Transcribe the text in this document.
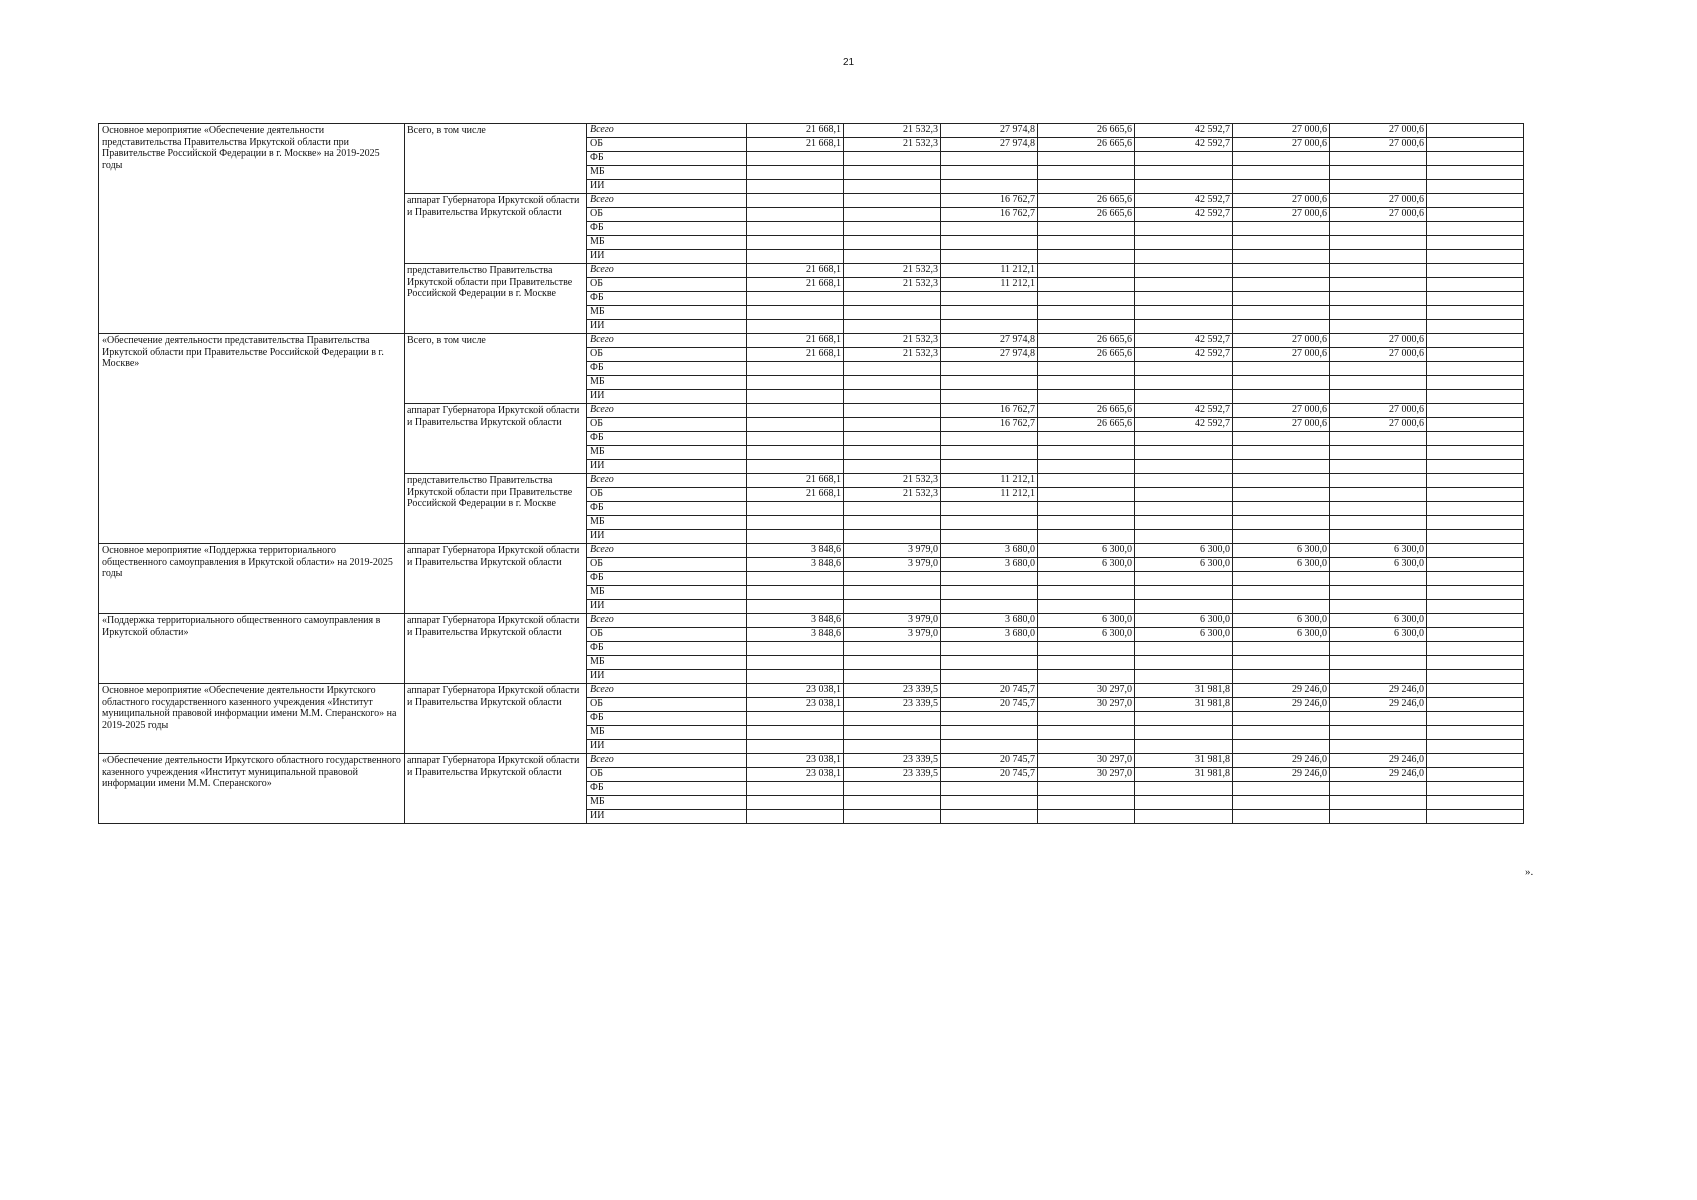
21
Основное мероприятие «Обеспечение деятельности представительства Правительства Иркутской области при Правительстве Российской Федерации в г. Москве» на 2019-2025 годы	Всего, в том числе	Всего	21 668,1	21 532,3	27 974,8	26 665,6	42 592,7	27 000,6	27 000,6	
		ОБ	21 668,1	21 532,3	27 974,8	26 665,6	42 592,7	27 000,6	27 000,6	
		ФБ								
		МБ								
		ИИ								
	аппарат Губернатора Иркутской области и Правительства Иркутской области	Всего			16 762,7	26 665,6	42 592,7	27 000,6	27 000,6	
		ОБ			16 762,7	26 665,6	42 592,7	27 000,6	27 000,6	
		ФБ								
		МБ								
		ИИ								
	представительство Правительства Иркутской области при Правительстве Российской Федерации в г. Москве	Всего	21 668,1	21 532,3	11 212,1					
		ОБ	21 668,1	21 532,3	11 212,1					
		ФБ								
		МБ								
		ИИ								
«Обеспечение деятельности представительства Правительства Иркутской области при Правительстве Российской Федерации в г. Москве»	Всего, в том числе	Всего	21 668,1	21 532,3	27 974,8	26 665,6	42 592,7	27 000,6	27 000,6	
		ОБ	21 668,1	21 532,3	27 974,8	26 665,6	42 592,7	27 000,6	27 000,6	
		ФБ								
		МБ								
		ИИ								
	аппарат Губернатора Иркутской области и Правительства Иркутской области	Всего			16 762,7	26 665,6	42 592,7	27 000,6	27 000,6	
		ОБ			16 762,7	26 665,6	42 592,7	27 000,6	27 000,6	
		ФБ								
		МБ								
		ИИ								
	представительство Правительства Иркутской области при Правительстве Российской Федерации в г. Москве	Всего	21 668,1	21 532,3	11 212,1					
		ОБ	21 668,1	21 532,3	11 212,1					
		ФБ								
		МБ								
		ИИ								
Основное мероприятие «Поддержка территориального общественного самоуправления в Иркутской области» на 2019-2025 годы	аппарат Губернатора Иркутской области и Правительства Иркутской области	Всего	3 848,6	3 979,0	3 680,0	6 300,0	6 300,0	6 300,0	6 300,0	
		ОБ	3 848,6	3 979,0	3 680,0	6 300,0	6 300,0	6 300,0	6 300,0	
		ФБ								
		МБ								
		ИИ								
«Поддержка территориального общественного самоуправления в Иркутской области»	аппарат Губернатора Иркутской области и Правительства Иркутской области	Всего	3 848,6	3 979,0	3 680,0	6 300,0	6 300,0	6 300,0	6 300,0	
		ОБ	3 848,6	3 979,0	3 680,0	6 300,0	6 300,0	6 300,0	6 300,0	
		ФБ								
		МБ								
		ИИ								
Основное мероприятие «Обеспечение деятельности Иркутского областного государственного казенного учреждения «Институт муниципальной правовой информации имени М.М. Сперанского» на 2019-2025 годы	аппарат Губернатора Иркутской области и Правительства Иркутской области	Всего	23 038,1	23 339,5	20 745,7	30 297,0	31 981,8	29 246,0	29 246,0	
		ОБ	23 038,1	23 339,5	20 745,7	30 297,0	31 981,8	29 246,0	29 246,0	
		ФБ								
		МБ								
		ИИ								
«Обеспечение деятельности Иркутского областного государственного казенного учреждения «Институт муниципальной правовой информации имени М.М. Сперанского»	аппарат Губернатора Иркутской области и Правительства Иркутской области	Всего	23 038,1	23 339,5	20 745,7	30 297,0	31 981,8	29 246,0	29 246,0	
		ОБ	23 038,1	23 339,5	20 745,7	30 297,0	31 981,8	29 246,0	29 246,0	
		ФБ								
		МБ								
		ИИ								
».
